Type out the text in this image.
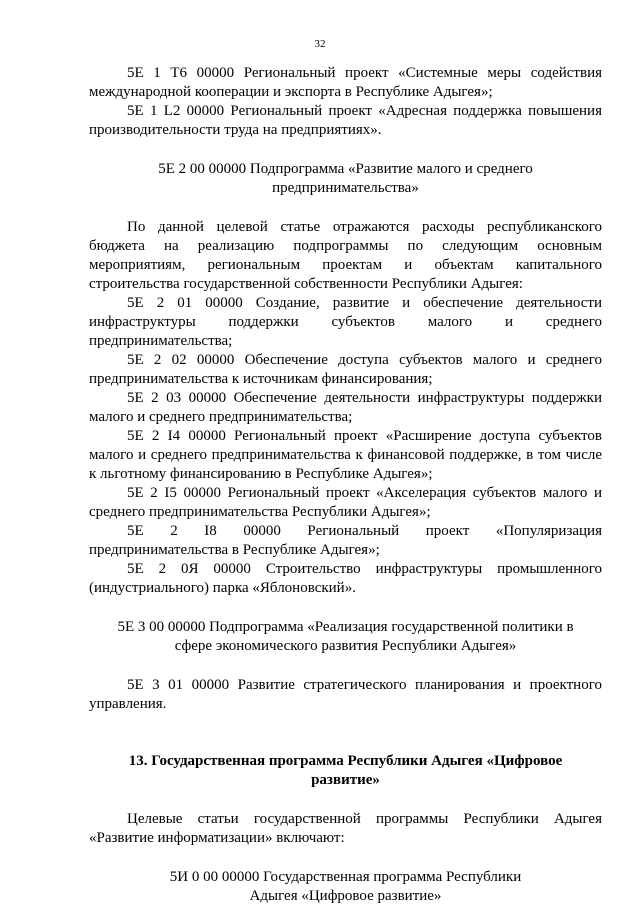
32

5Е 1 Т6 00000 Региональный проект «Системные меры содействия международной кооперации и экспорта в Республике Адыгея»;

5Е 1 L2 00000 Региональный проект «Адресная поддержка повышения производительности труда на предприятиях».

5Е 2 00 00000 Подпрограмма «Развитие малого и среднего предпринимательства»

По данной целевой статье отражаются расходы республиканского бюджета на реализацию подпрограммы по следующим основным мероприятиям, региональным проектам и объектам капитального строительства государственной собственности Республики Адыгея:

5Е 2 01 00000 Создание, развитие и обеспечение деятельности инфраструктуры поддержки субъектов малого и среднего предпринимательства;

5Е 2 02 00000 Обеспечение доступа субъектов малого и среднего предпринимательства к источникам финансирования;

5Е 2 03 00000 Обеспечение деятельности инфраструктуры поддержки малого и среднего предпринимательства;

5Е 2 I4 00000 Региональный проект «Расширение доступа субъектов малого и среднего предпринимательства к финансовой поддержке, в том числе к льготному финансированию в Республике Адыгея»;

5Е 2 I5 00000 Региональный проект «Акселерация субъектов малого и среднего предпринимательства Республики Адыгея»;

5Е 2 I8 00000 Региональный проект «Популяризация предпринимательства в Республике Адыгея»;

5Е 2 0Я 00000 Строительство инфраструктуры промышленного (индустриального) парка «Яблоновский».

5Е 3 00 00000 Подпрограмма «Реализация государственной политики в сфере экономического развития Республики Адыгея»

5Е 3 01 00000 Развитие стратегического планирования и проектного управления.

13. Государственная программа Республики Адыгея «Цифровое развитие»

Целевые статьи государственной программы Республики Адыгея «Развитие информатизации» включают:

5И 0 00 00000 Государственная программа Республики Адыгея «Цифровое развитие»
